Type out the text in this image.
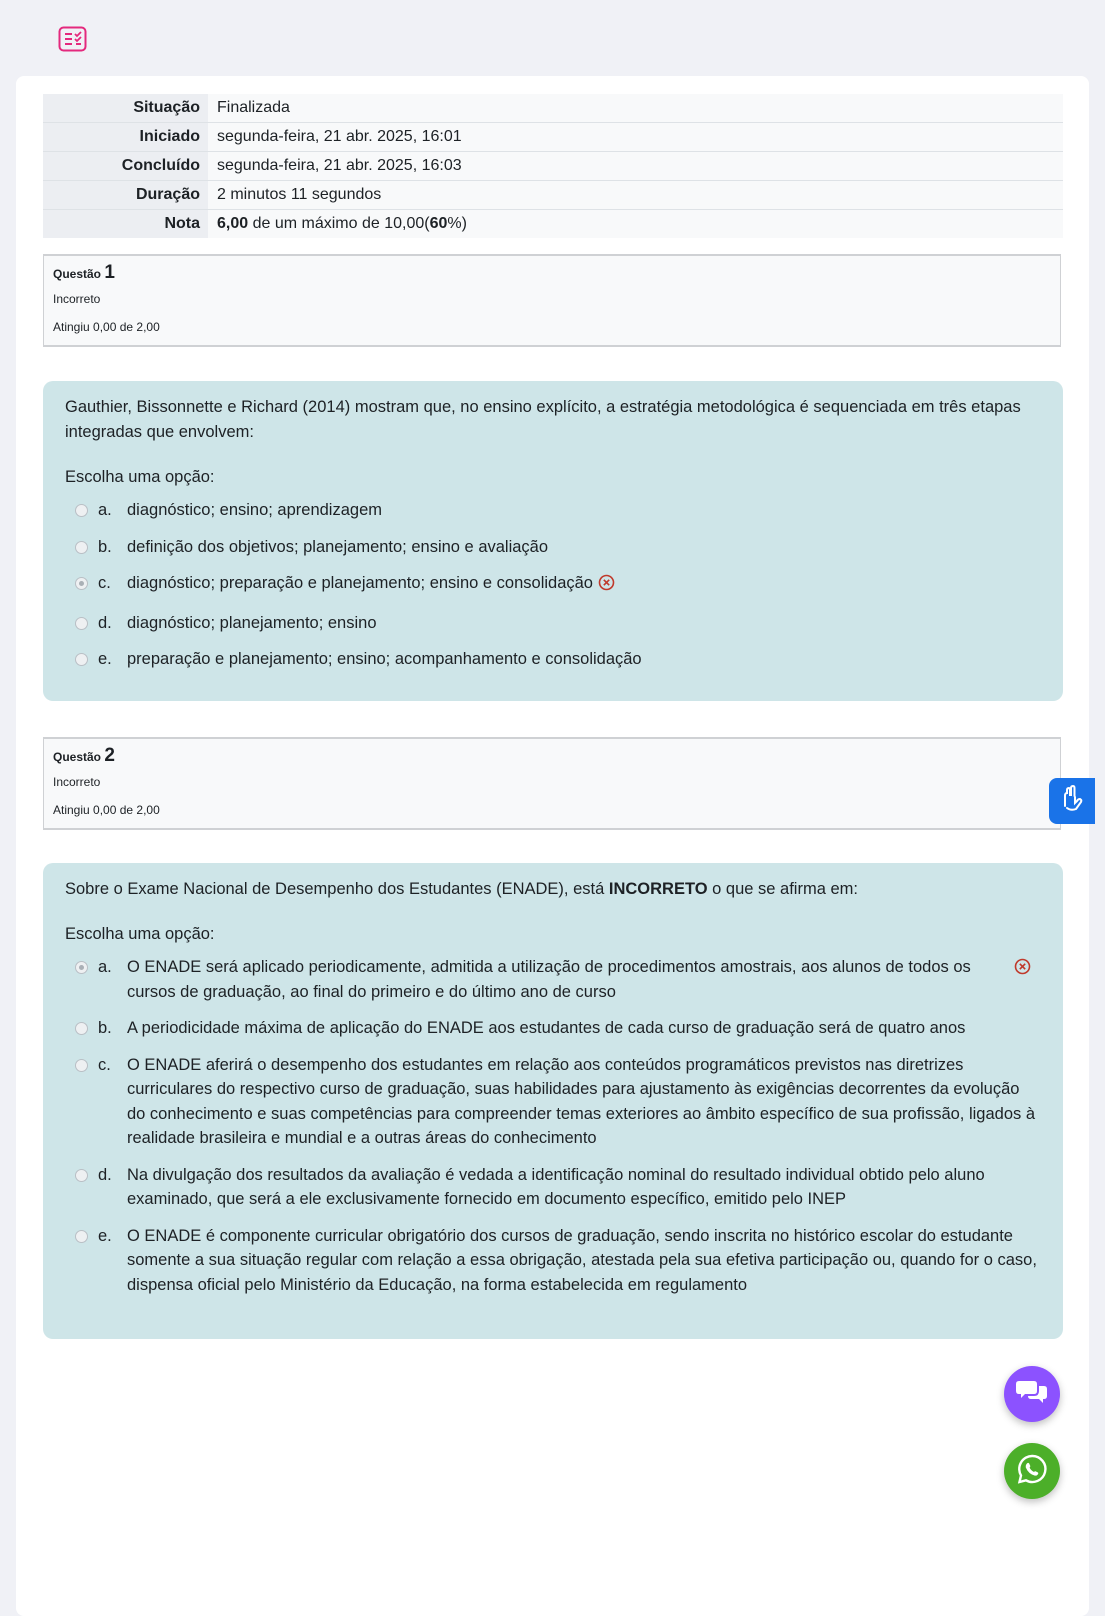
Situação	Finalizada
Iniciado	segunda-feira, 21 abr. 2025, 16:01
Concluído	segunda-feira, 21 abr. 2025, 16:03
Duração	2 minutos 11 segundos
Nota	6,00 de um máximo de 10,00(60%)
Questão 1
Incorreto
Atingiu 0,00 de 2,00
Gauthier, Bissonnette e Richard (2014) mostram que, no ensino explícito, a estratégia metodológica é sequenciada em três etapas integradas que envolvem:
Escolha uma opção:
a. diagnóstico; ensino; aprendizagem
b. definição dos objetivos; planejamento; ensino e avaliação
c. diagnóstico; preparação e planejamento; ensino e consolidação
d. diagnóstico; planejamento; ensino
e. preparação e planejamento; ensino; acompanhamento e consolidação
Questão 2
Incorreto
Atingiu 0,00 de 2,00
Sobre o Exame Nacional de Desempenho dos Estudantes (ENADE), está INCORRETO o que se afirma em:
Escolha uma opção:
a. O ENADE será aplicado periodicamente, admitida a utilização de procedimentos amostrais, aos alunos de todos os cursos de graduação, ao final do primeiro e do último ano de curso
b. A periodicidade máxima de aplicação do ENADE aos estudantes de cada curso de graduação será de quatro anos
c. O ENADE aferirá o desempenho dos estudantes em relação aos conteúdos programáticos previstos nas diretrizes curriculares do respectivo curso de graduação, suas habilidades para ajustamento às exigências decorrentes da evolução do conhecimento e suas competências para compreender temas exteriores ao âmbito específico de sua profissão, ligados à realidade brasileira e mundial e a outras áreas do conhecimento
d. Na divulgação dos resultados da avaliação é vedada a identificação nominal do resultado individual obtido pelo aluno examinado, que será a ele exclusivamente fornecido em documento específico, emitido pelo INEP
e. O ENADE é componente curricular obrigatório dos cursos de graduação, sendo inscrita no histórico escolar do estudante somente a sua situação regular com relação a essa obrigação, atestada pela sua efetiva participação ou, quando for o caso, dispensa oficial pelo Ministério da Educação, na forma estabelecida em regulamento
